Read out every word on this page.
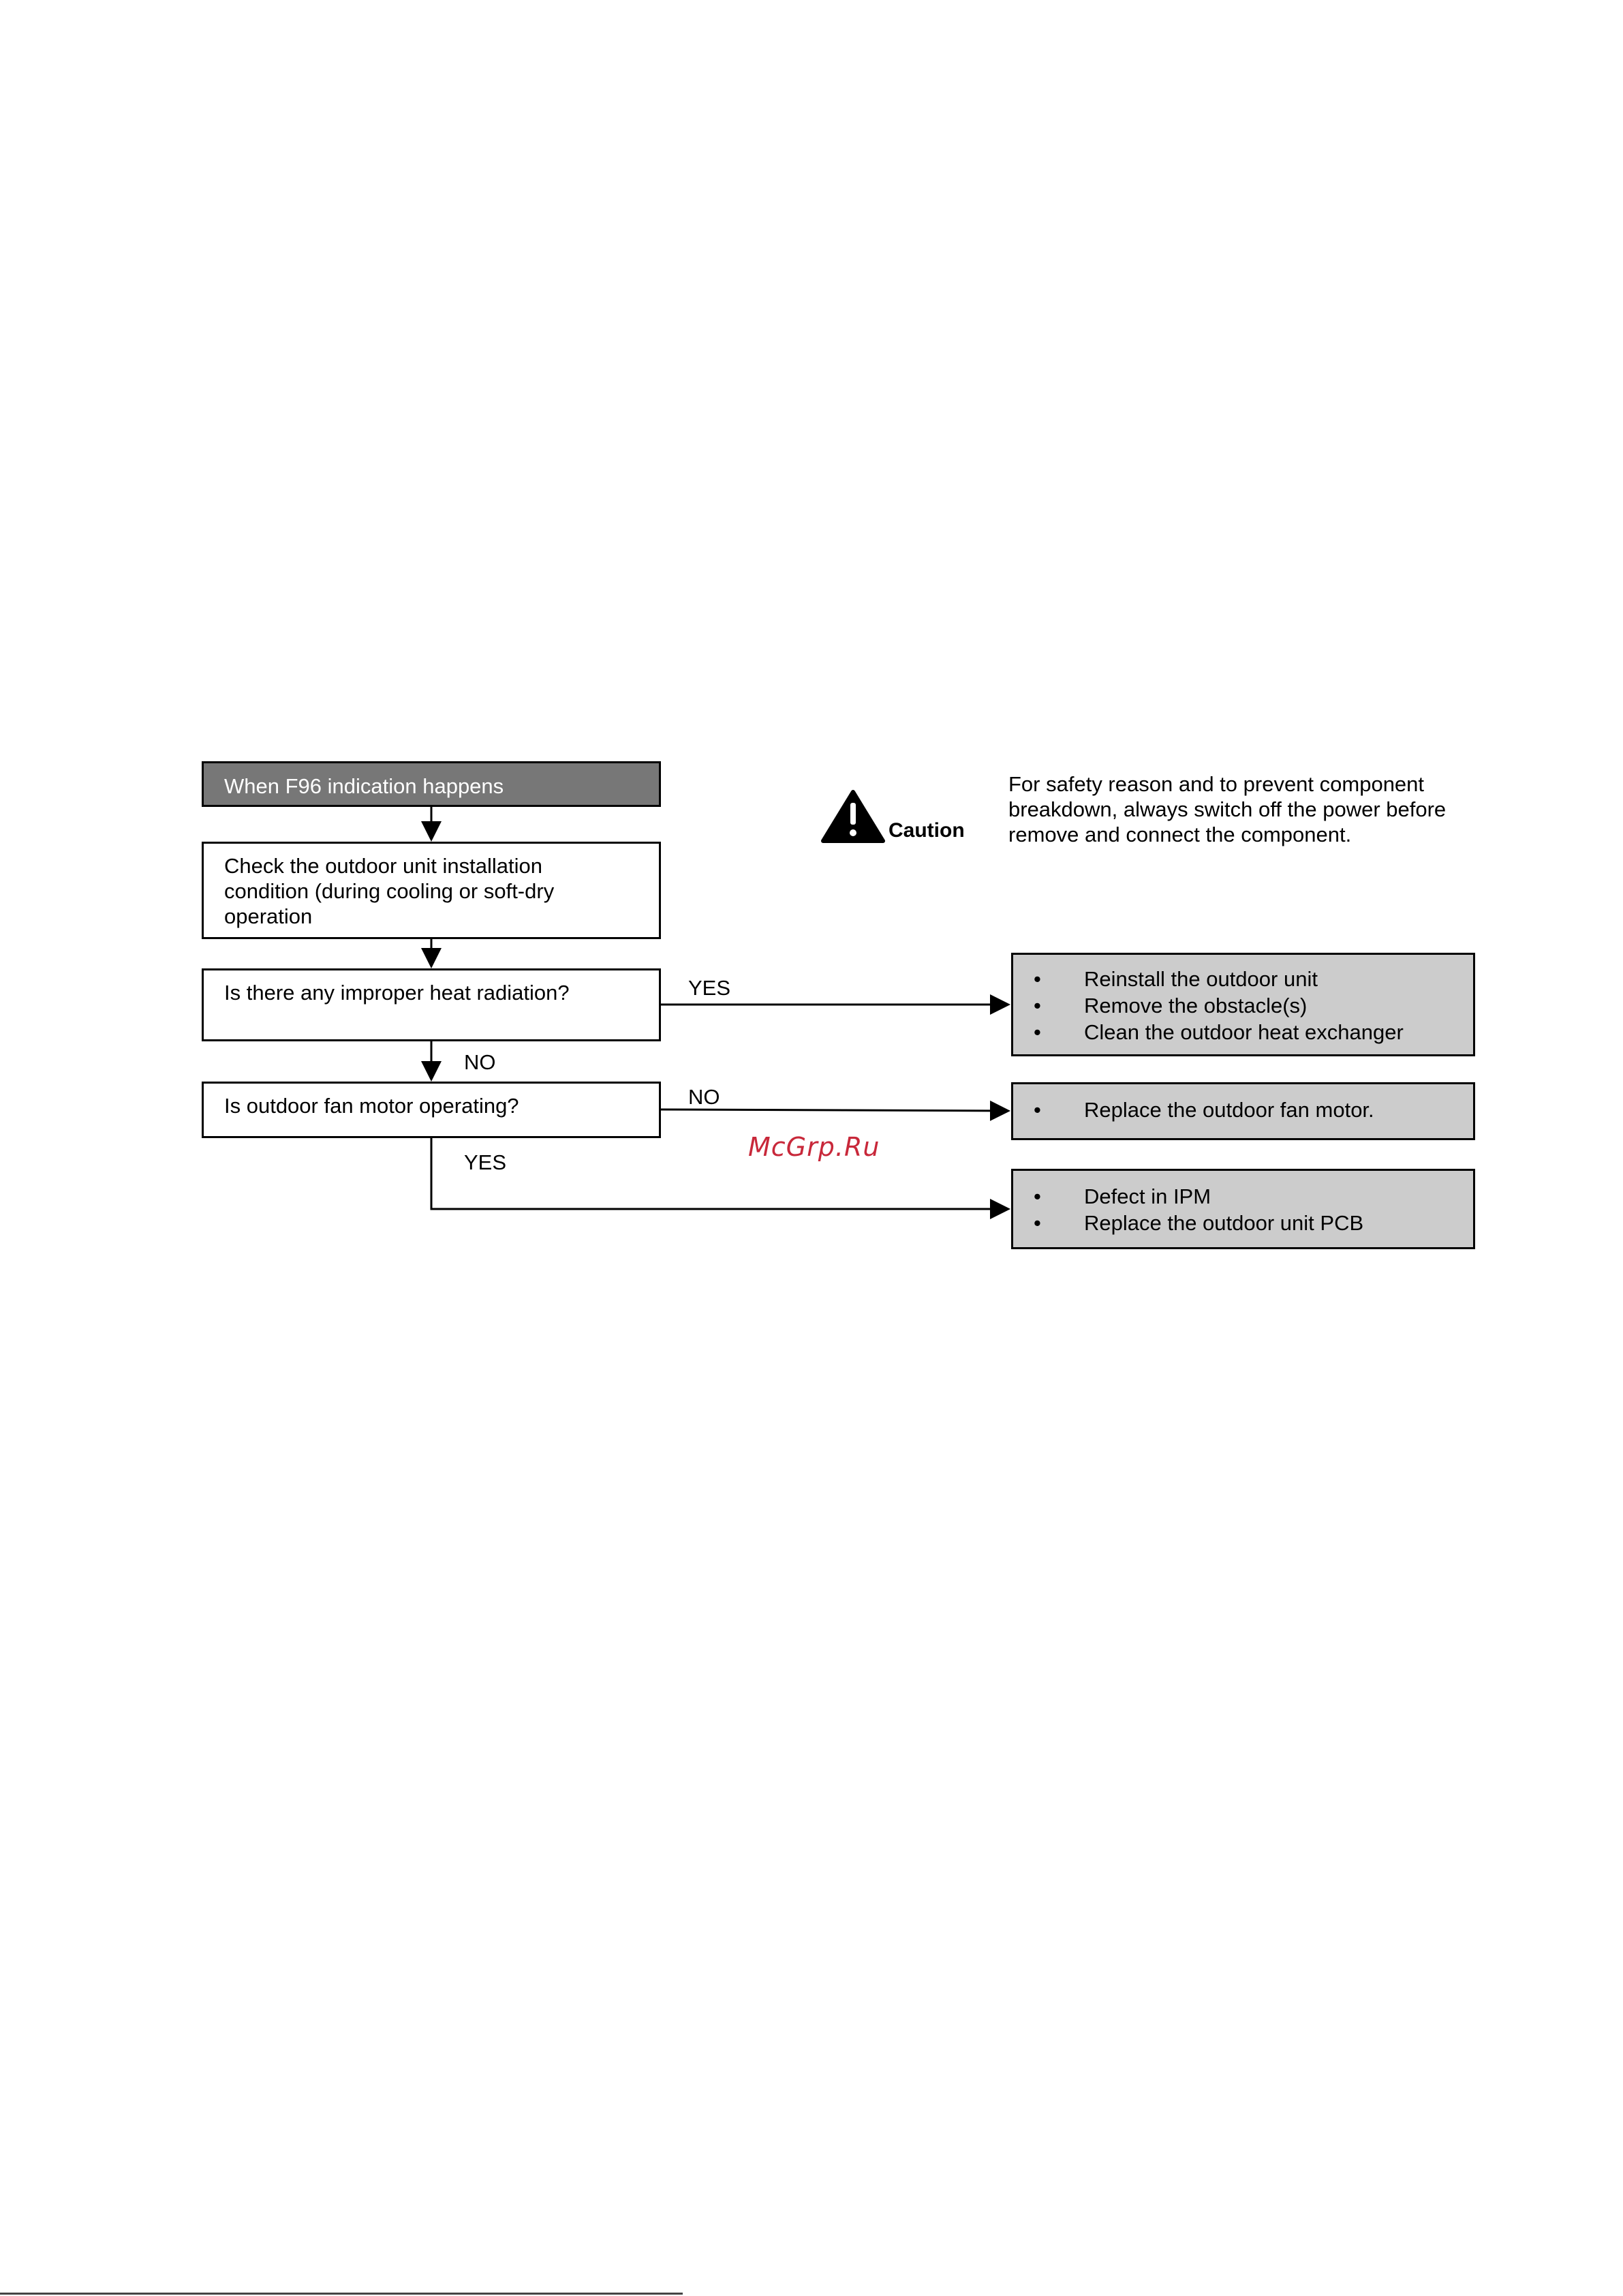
When F96 indication happens
Check the outdoor unit installation condition (during cooling or soft-dry operation
Is there any improper heat radiation?
Is outdoor fan motor operating?
YES
NO
NO
YES
• Reinstall the outdoor unit
• Remove the obstacle(s)
• Clean the outdoor heat exchanger
• Replace the outdoor fan motor.
• Defect in IPM
• Replace the outdoor unit PCB
Caution
For safety reason and to prevent component breakdown, always switch off the power before remove and connect the component.
McGrp.Ru
